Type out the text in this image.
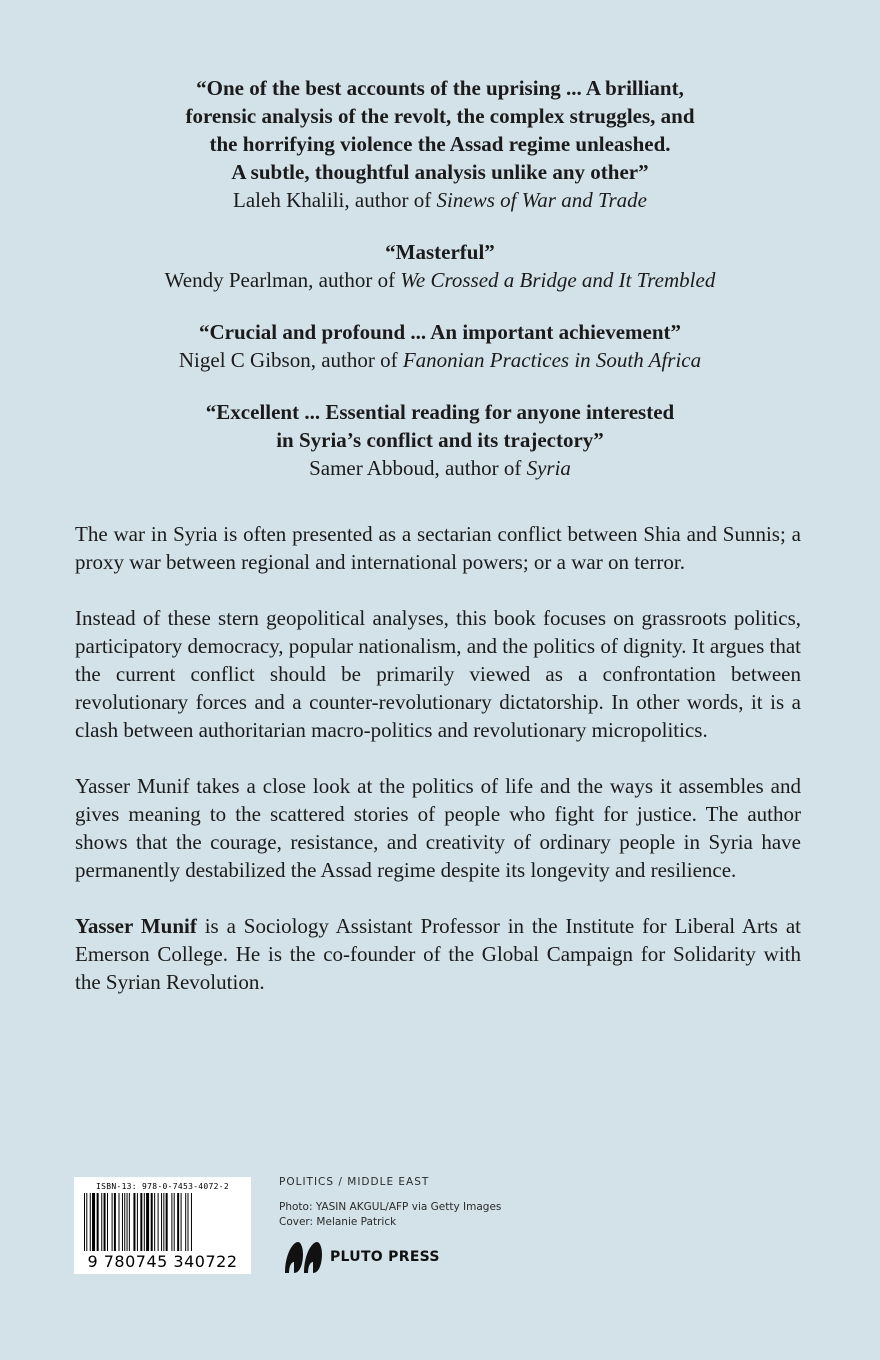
“One of the best accounts of the uprising ... A brilliant,
forensic analysis of the revolt, the complex struggles, and
the horrifying violence the Assad regime unleashed.
A subtle, thoughtful analysis unlike any other”
Laleh Khalili, author of Sinews of War and Trade
“Masterful”
Wendy Pearlman, author of We Crossed a Bridge and It Trembled
“Crucial and profound ... An important achievement”
Nigel C Gibson, author of Fanonian Practices in South Africa
“Excellent ... Essential reading for anyone interested
in Syria’s conflict and its trajectory”
Samer Abboud, author of Syria

The war in Syria is often presented as a sectarian conflict between Shia and Sunnis; a proxy war between regional and international powers; or a war on terror.

Instead of these stern geopolitical analyses, this book focuses on grassroots politics, participatory democracy, popular nationalism, and the politics of dignity. It argues that the current conflict should be primarily viewed as a confrontation between revolutionary forces and a counter-revolutionary dictatorship. In other words, it is a clash between authoritarian macro-politics and revolutionary micropolitics.

Yasser Munif takes a close look at the politics of life and the ways it assembles and gives meaning to the scattered stories of people who fight for justice. The author shows that the courage, resistance, and creativity of ordinary people in Syria have permanently destabilized the Assad regime despite its longevity and resilience.

Yasser Munif is a Sociology Assistant Professor in the Institute for Liberal Arts at Emerson College. He is the co-founder of the Global Campaign for Solidarity with the Syrian Revolution.

ISBN-13: 978-0-7453-4072-2
9 780745 340722
POLITICS / MIDDLE EAST
Photo: YASIN AKGUL/AFP via Getty Images
Cover: Melanie Patrick
PLUTO PRESS
